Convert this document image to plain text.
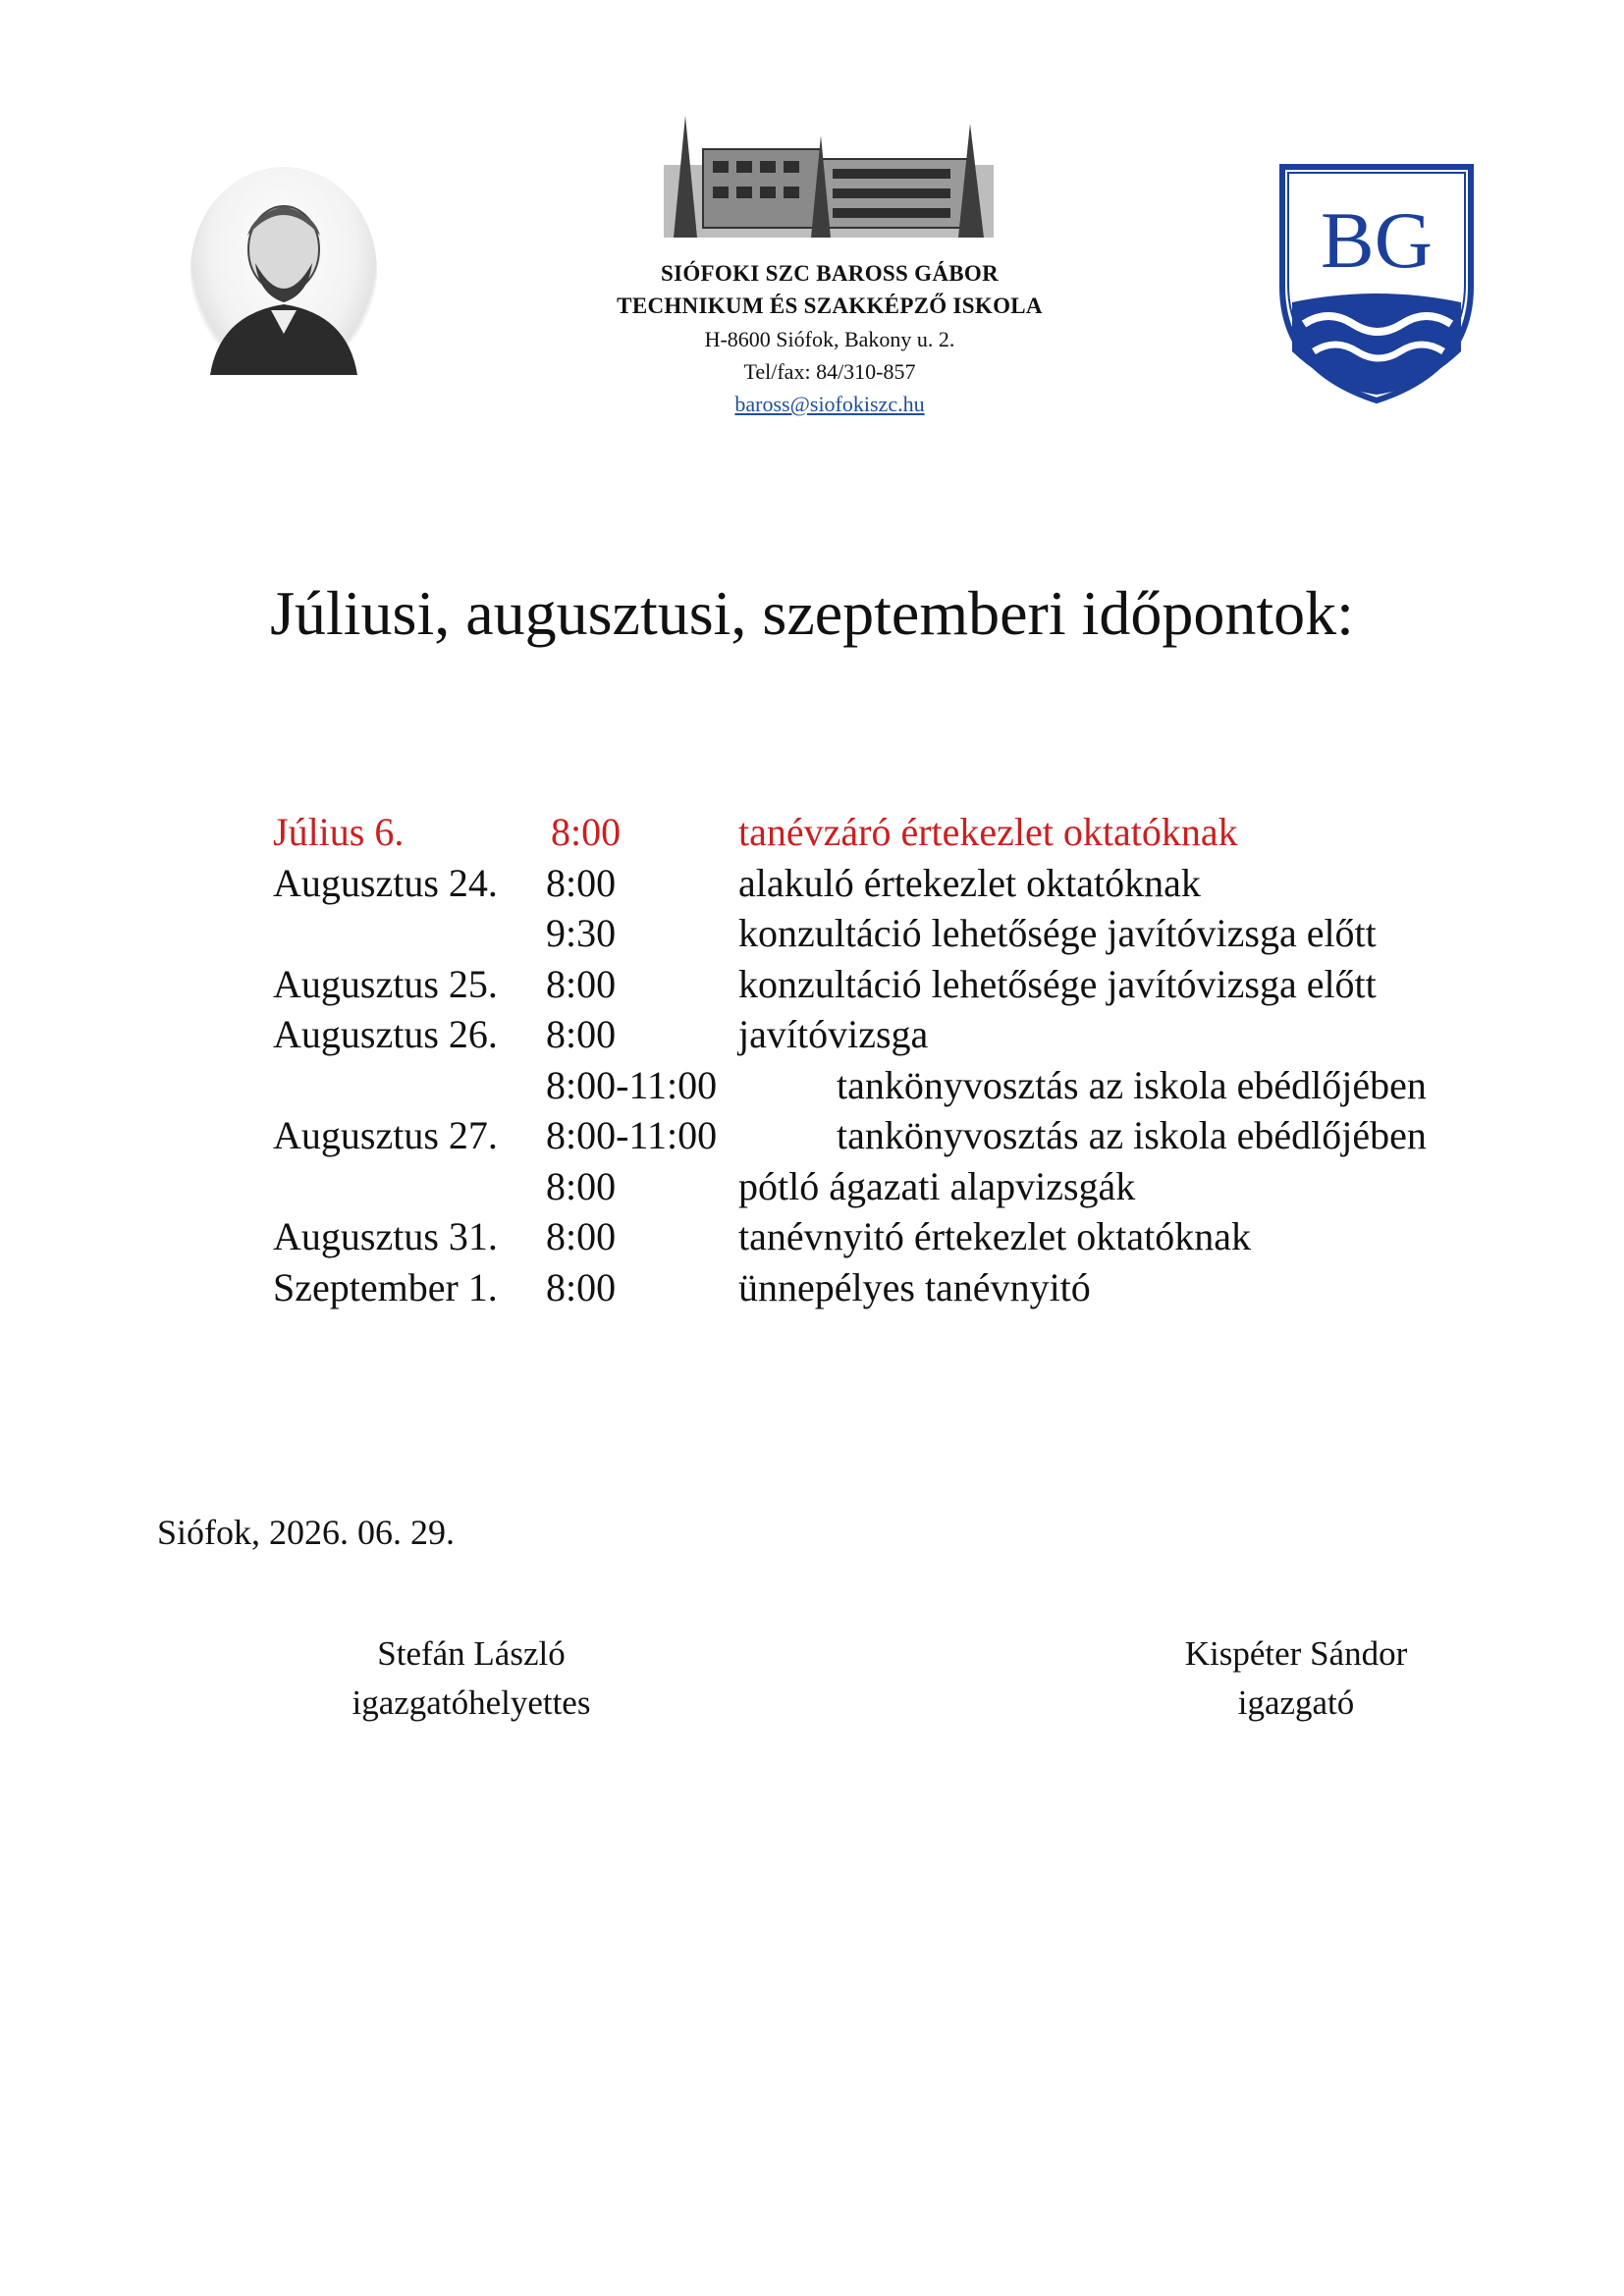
SIÓFOKI SZC BAROSS GÁBOR
TECHNIKUM ÉS SZAKKÉPZŐ ISKOLA
H-8600 Siófok, Bakony u. 2.
Tel/fax: 84/310-857
baross@siofokiszc.hu
BG
Júliusi, augusztusi, szeptemberi időpontok:
Július 6.	8:00	tanévzáró értekezlet oktatóknak
Augusztus 24. 8:00	alakuló értekezlet oktatóknak
9:30	konzultáció lehetősége javítóvizsga előtt
Augusztus 25. 8:00	konzultáció lehetősége javítóvizsga előtt
Augusztus 26. 8:00	javítóvizsga
8:00-11:00	tankönyvosztás az iskola ebédlőjében
Augusztus 27. 8:00-11:00	tankönyvosztás az iskola ebédlőjében
8:00	pótló ágazati alapvizsgák
Augusztus 31. 8:00	tanévnyitó értekezlet oktatóknak
Szeptember 1. 8:00	ünnepélyes tanévnyitó
Siófok, 2026. 06. 29.
Stefán László
igazgatóhelyettes
Kispéter Sándor
igazgató
